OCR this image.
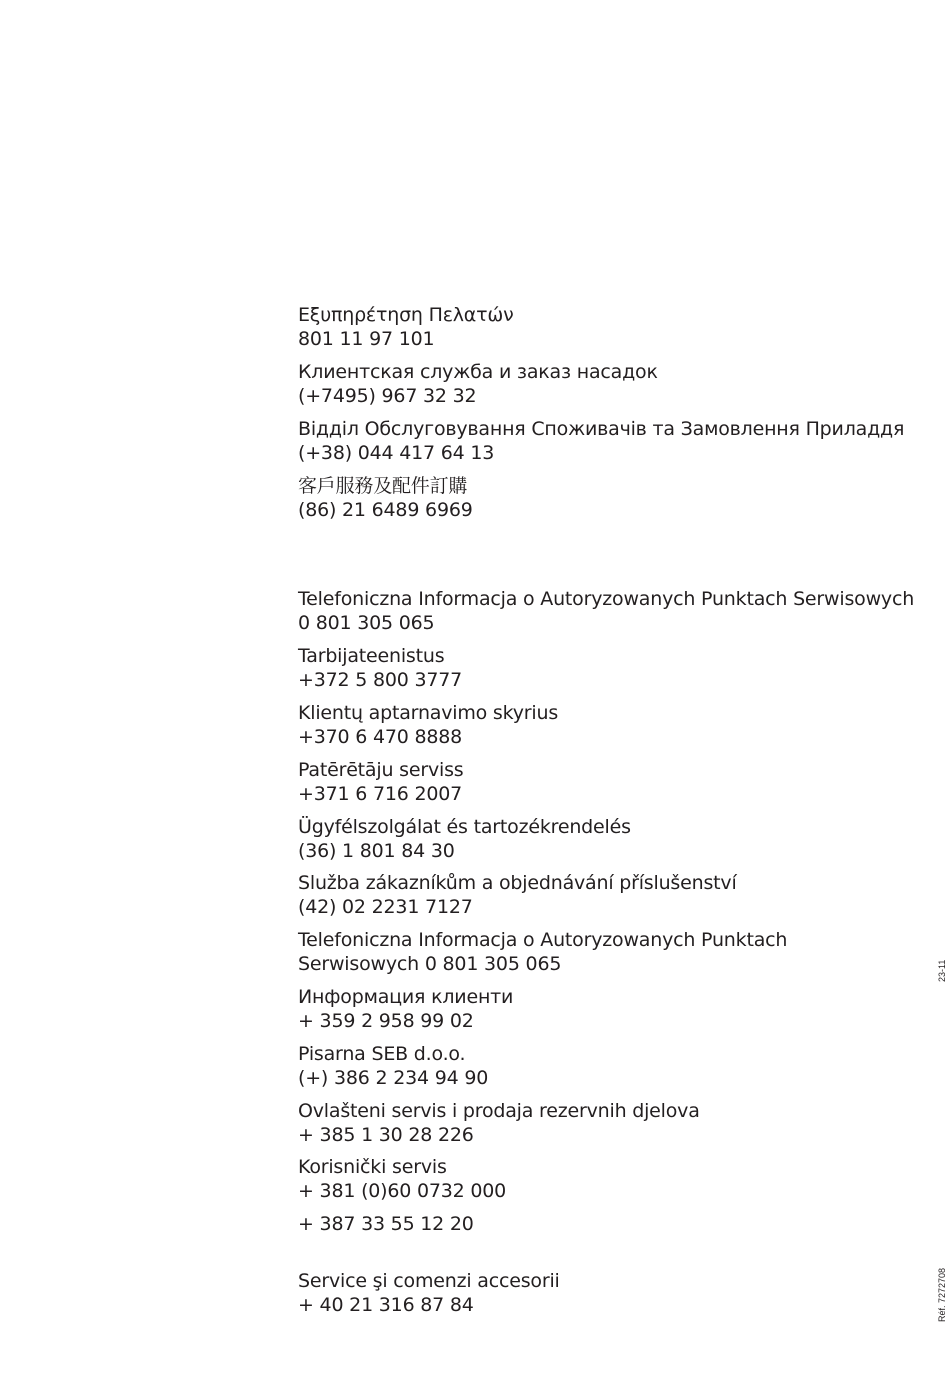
Εξυπηρέτηση Πελατών
801 11 97 101
Клиентская служба и заказ насадок
(+7495) 967 32 32
Відділ Обслуговування Споживачів та Замовлення Приладдя
(+38) 044 417 64 13
客戶服務及配件訂購
(86) 21 6489 6969
Telefoniczna Informacja o Autoryzowanych Punktach Serwisowych
0 801 305 065
Tarbijateenistus
+372 5 800 3777
Klientų aptarnavimo skyrius
+370 6 470 8888
Patērētāju serviss
+371 6 716 2007
Ügyfélszolgálat és tartozékrendelés
(36) 1 801 84 30
Služba zákazníkům a objednávání příslušenství
(42) 02 2231 7127
Telefoniczna Informacja o Autoryzowanych Punktach
Serwisowych 0 801 305 065
Информация клиенти
+ 359 2 958 99 02
Pisarna SEB d.o.o.
(+) 386 2 234 94 90
Ovlašteni servis i prodaja rezervnih djelova
+ 385 1 30 28 226
Korisnički servis
+ 381 (0)60 0732 000
+ 387 33 55 12 20
Service şi comenzi accesorii
+ 40 21 316 87 84
23-11
Réf. 7272708
